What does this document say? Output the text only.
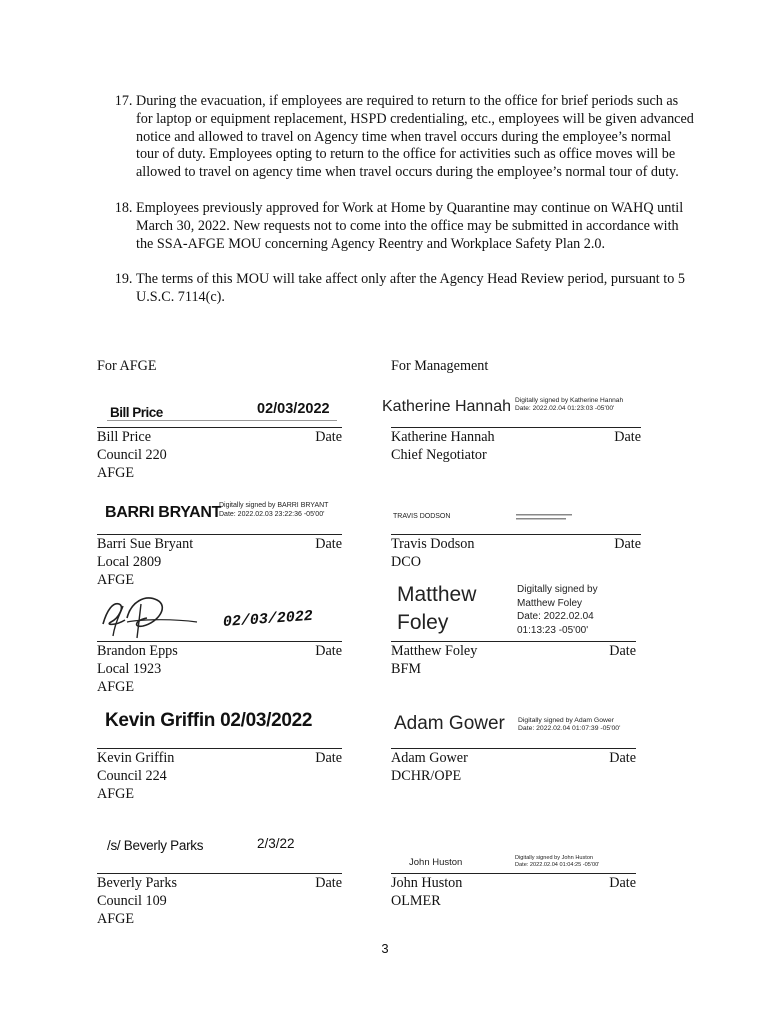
17. During the evacuation, if employees are required to return to the office for brief periods such as for laptop or equipment replacement, HSPD credentialing, etc., employees will be given advanced notice and allowed to travel on Agency time when travel occurs during the employee’s normal tour of duty. Employees opting to return to the office for activities such as office moves will be allowed to travel on agency time when travel occurs during the employee’s normal tour of duty.
18. Employees previously approved for Work at Home by Quarantine may continue on WAHQ until March 30, 2022. New requests not to come into the office may be submitted in accordance with the SSA-AFGE MOU concerning Agency Reentry and Workplace Safety Plan 2.0.
19. The terms of this MOU will take affect only after the Agency Head Review period, pursuant to 5 U.S.C. 7114(c).
For AFGE	For Management
Bill Price	02/03/2022
Bill Price
Council 220
AFGE
Date
BARRI BRYANT
Digitally signed by BARRI BRYANT
Date: 2022.02.03 23:22:36 -05'00'
Barri Sue Bryant
Local 2809
AFGE
Date
02/03/2022
Brandon Epps
Local 1923
AFGE
Date
Kevin Griffin 02/03/2022
Kevin Griffin
Council 224
AFGE
Date
/s/ Beverly Parks	2/3/22
Beverly Parks
Council 109
AFGE
Date
Katherine Hannah Digitally signed by Katherine Hannah
Date: 2022.02.04 01:23:03 -05'00'
Katherine Hannah
Chief Negotiator
Date
TRAVIS DODSON
Travis Dodson
DCO
Date
Matthew Foley
Digitally signed by Matthew Foley
Date: 2022.02.04 01:13:23 -05'00'
Matthew Foley
BFM
Date
Adam Gower Digitally signed by Adam Gower
Date: 2022.02.04 01:07:39 -05'00'
Adam Gower
DCHR/OPE
Date
John Huston	Digitally signed by John Huston
Date: 2022.02.04 01:04:25 -05'00'
John Huston
OLMER
Date
3
